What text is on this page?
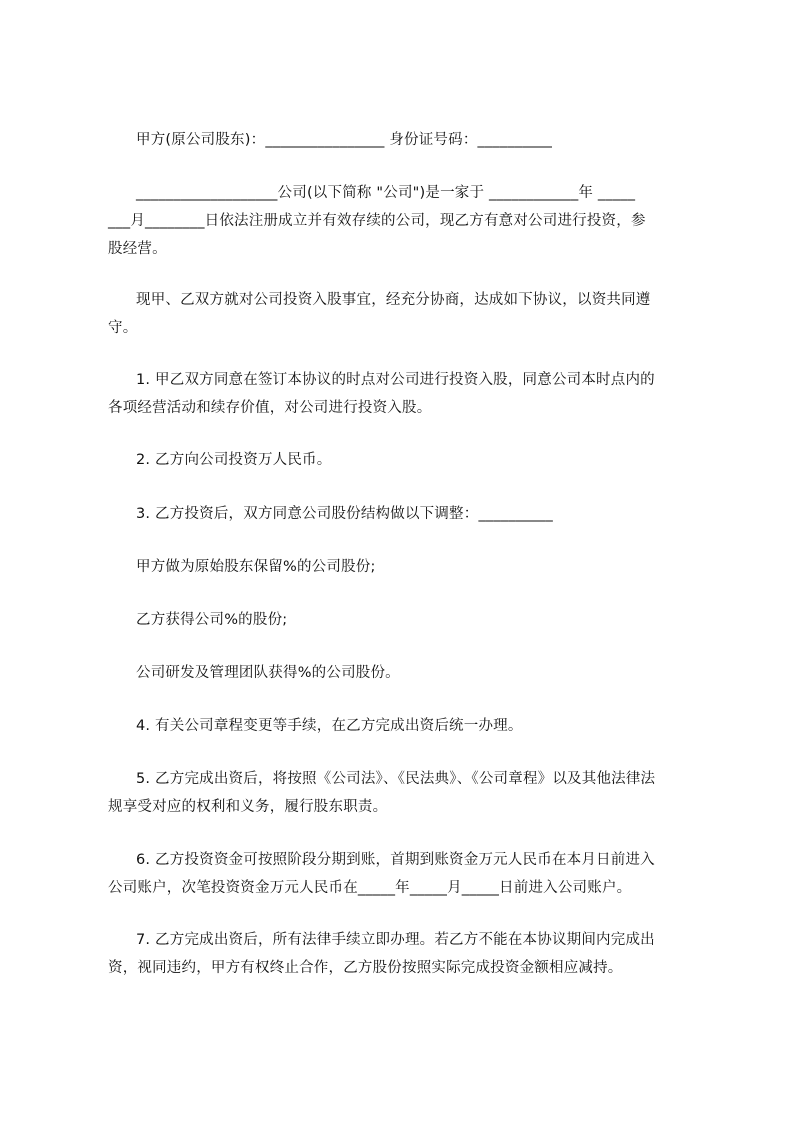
甲方(原公司股东)：________________ 身份证号码：__________
___________________公司(以下简称 "公司")是一家于 ____________年 _____
___月________日依法注册成立并有效存续的公司，现乙方有意对公司进行投资，参
股经营。
现甲、乙双方就对公司投资入股事宜，经充分协商，达成如下协议，以资共同遵
守。
1. 甲乙双方同意在签订本协议的时点对公司进行投资入股，同意公司本时点内的
各项经营活动和续存价值，对公司进行投资入股。
2. 乙方向公司投资万人民币。
3. 乙方投资后，双方同意公司股份结构做以下调整：__________
甲方做为原始股东保留%的公司股份;
乙方获得公司%的股份;
公司研发及管理团队获得%的公司股份。
4. 有关公司章程变更等手续，在乙方完成出资后统一办理。
5. 乙方完成出资后，将按照《公司法》、《民法典》、《公司章程》以及其他法律法
规享受对应的权利和义务，履行股东职责。
6. 乙方投资资金可按照阶段分期到账，首期到账资金万元人民币在本月日前进入
公司账户，次笔投资资金万元人民币在_____年_____月_____日前进入公司账户。
7. 乙方完成出资后，所有法律手续立即办理。若乙方不能在本协议期间内完成出
资，视同违约，甲方有权终止合作，乙方股份按照实际完成投资金额相应减持。
